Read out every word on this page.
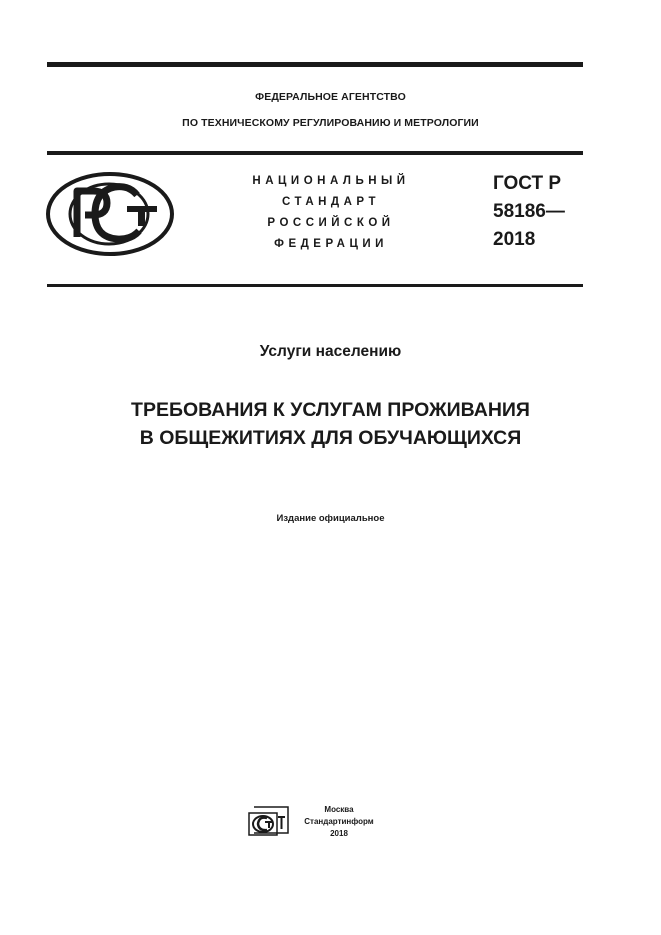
ФЕДЕРАЛЬНОЕ АГЕНТСТВО
ПО ТЕХНИЧЕСКОМУ РЕГУЛИРОВАНИЮ И МЕТРОЛОГИИ
НАЦИОНАЛЬНЫЙ
СТАНДАРТ
РОССИЙСКОЙ
ФЕДЕРАЦИИ
ГОСТ Р
58186—
2018
Услуги населению
ТРЕБОВАНИЯ К УСЛУГАМ ПРОЖИВАНИЯ
В ОБЩЕЖИТИЯХ ДЛЯ ОБУЧАЮЩИХСЯ
Издание официальное
Москва
Стандартинформ
2018
